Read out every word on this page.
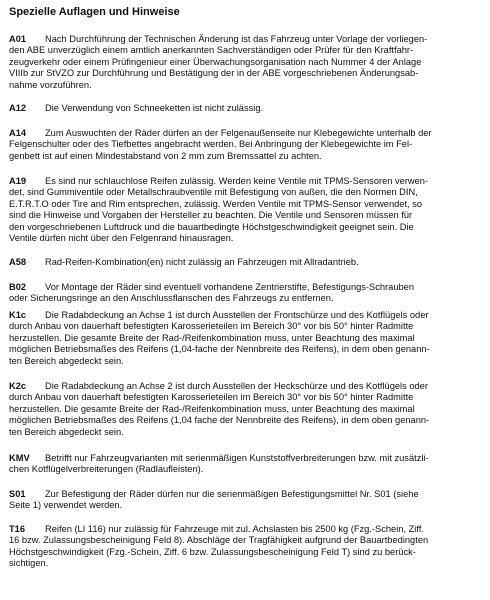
Spezielle Auflagen und Hinweise
A01 Nach Durchführung der Technischen Änderung ist das Fahrzeug unter Vorlage der vorliegen-
den ABE unverzüglich einem amtlich anerkannten Sachverständigen oder Prüfer für den Kraftfahr-
zeugverkehr oder einem Prüfingenieur einer Überwachungsorganisation nach Nummer 4 der Anlage
VIIIb zur StVZO zur Durchführung und Bestätigung der in der ABE vorgeschriebenen Änderungsab-
nahme vorzuführen.
A12 Die Verwendung von Schneeketten ist nicht zulässig.
A14 Zum Auswuchten der Räder dürfen an der Felgenaußenseite nur Klebegewichte unterhalb der
Felgenschulter oder des Tiefbettes angebracht werden. Bei Anbringung der Klebegewichte im Fel-
genbett ist auf einen Mindestabstand von 2 mm zum Bremssattel zu achten.
A19 Es sind nur schlauchlose Reifen zulässig. Werden keine Ventile mit TPMS-Sensoren verwen-
det, sind Gummiventile oder Metallschraubventile mit Befestigung von außen, die den Normen DIN,
E.T.R.T.O oder Tire and Rim entsprechen, zulässig. Werden Ventile mit TPMS-Sensor verwendet, so
sind die Hinweise und Vorgaben der Hersteller zu beachten. Die Ventile und Sensoren müssen für
den vorgeschriebenen Luftdruck und die bauartbedingte Höchstgeschwindigkeit geeignet sein. Die
Ventile dürfen nicht über den Felgenrand hinausragen.
A58 Rad-Reifen-Kombination(en) nicht zulässig an Fahrzeugen mit Allradantrieb.
B02 Vor Montage der Räder sind eventuell vorhandene Zentrierstifte, Befestigungs-Schrauben
oder Sicherungsringe an den Anschlussflanschen des Fahrzeugs zu entfernen.
K1c Die Radabdeckung an Achse 1 ist durch Ausstellen der Frontschürze und des Kotflügels oder
durch Anbau von dauerhaft befestigten Karosserieteilen im Bereich 30° vor bis 50° hinter Radmitte
herzustellen. Die gesamte Breite der Rad-/Reifenkombination muss, unter Beachtung des maximal
möglichen Betriebsmaßes des Reifens (1,04-fache der Nennbreite des Reifens), in dem oben genann-
ten Bereich abgedeckt sein.
K2c Die Radabdeckung an Achse 2 ist durch Ausstellen der Heckschürze und des Kotflügels oder
durch Anbau von dauerhaft befestigten Karosserieteilen im Bereich 30° vor bis 50° hinter Radmitte
herzustellen. Die gesamte Breite der Rad-/Reifenkombination muss, unter Beachtung des maximal
möglichen Betriebsmaßes des Reifens (1,04 fache der Nennbreite des Reifens), in dem oben genann-
ten Bereich abgedeckt sein.
KMV Betrifft nur Fahrzeugvarianten mit serienmäßigen Kunststoffverbreiterungen bzw. mit zusätzli-
chen Kotflügelverbreiterungen (Radlaufleisten).
S01 Zur Befestigung der Räder dürfen nur die serienmäßigen Befestigungsmittel Nr. S01 (siehe
Seite 1) verwendet werden.
T16 Reifen (LI 116) nur zulässig für Fahrzeuge mit zul. Achslasten bis 2500 kg (Fzg.-Schein, Ziff.
16 bzw. Zulassungsbescheinigung Feld 8). Abschläge der Tragfähigkeit aufgrund der Bauartbedingten
Höchstgeschwindigkeit (Fzg.-Schein, Ziff. 6 bzw. Zulassungsbescheinigung Feld T) sind zu berück-
sichtigen.
